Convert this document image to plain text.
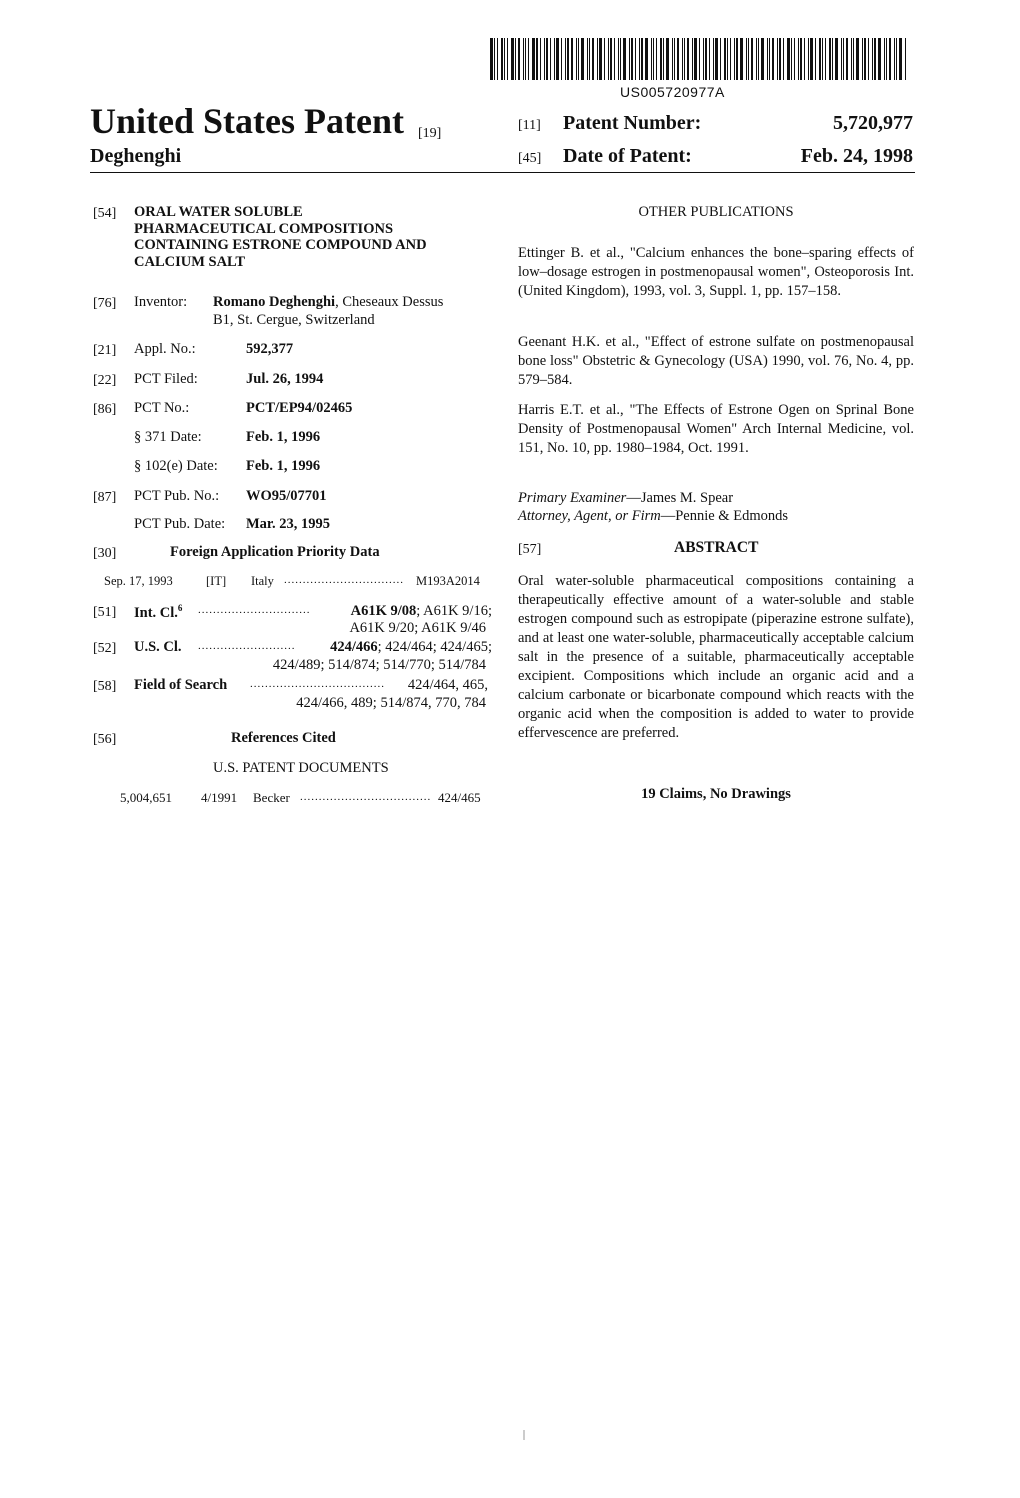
US005720977A
United States Patent [19]
Deghenghi
[11] Patent Number:	5,720,977
[45] Date of Patent:	Feb. 24, 1998
[54] ORAL WATER SOLUBLE
PHARMACEUTICAL COMPOSITIONS
CONTAINING ESTRONE COMPOUND AND
CALCIUM SALT
[76] Inventor: Romano Deghenghi, Cheseaux Dessus
B1, St. Cergue, Switzerland
[21] Appl. No.:	592,377
[22] PCT Filed:	Jul. 26, 1994
[86] PCT No.:	PCT/EP94/02465
§ 371 Date:	Feb. 1, 1996
§ 102(e) Date: Feb. 1, 1996
[87] PCT Pub. No.: WO95/07701
PCT Pub. Date: Mar. 23, 1995
[30]	Foreign Application Priority Data
Sep. 17, 1993	[IT] Italy ................................ M193A2014
[51] Int. Cl.$^6$ ..............................	A61K 9/08; A61K 9/16;
A61K 9/20; A61K 9/46
[52] U.S. Cl. .......................... 424/466; 424/464; 424/465;
424/489; 514/874; 514/770; 514/784
[58] Field of Search .................................... 424/464, 465,
424/466, 489; 514/874, 770, 784
[56]	References Cited
U.S. PATENT DOCUMENTS
5,004,651 4/1991 Becker ................................... 424/465
OTHER PUBLICATIONS
Ettinger B. et al., "Calcium enhances the bone–sparing effects of low–dosage estrogen in postmenopausal women", Osteoporosis Int. (United Kingdom), 1993, vol. 3, Suppl. 1, pp. 157–158.
Geenant H.K. et al., "Effect of estrone sulfate on postmenopausal bone loss" Obstetric & Gynecology (USA) 1990, vol. 76, No. 4, pp. 579–584.
Harris E.T. et al., "The Effects of Estrone Ogen on Sprinal Bone Density of Postmenopausal Women" Arch Internal Medicine, vol. 151, No. 10, pp. 1980–1984, Oct. 1991.
Primary Examiner—James M. Spear
Attorney, Agent, or Firm—Pennie & Edmonds
[57]	ABSTRACT
Oral water-soluble pharmaceutical compositions containing a therapeutically effective amount of a water-soluble and stable estrogen compound such as estropipate (piperazine estrone sulfate), and at least one water-soluble, pharmaceutically acceptable calcium salt in the presence of a suitable, pharmaceutically acceptable excipient. Compositions which include an organic acid and a calcium carbonate or bicarbonate compound which reacts with the organic acid when the composition is added to water to provide effervescence are preferred.
19 Claims, No Drawings
